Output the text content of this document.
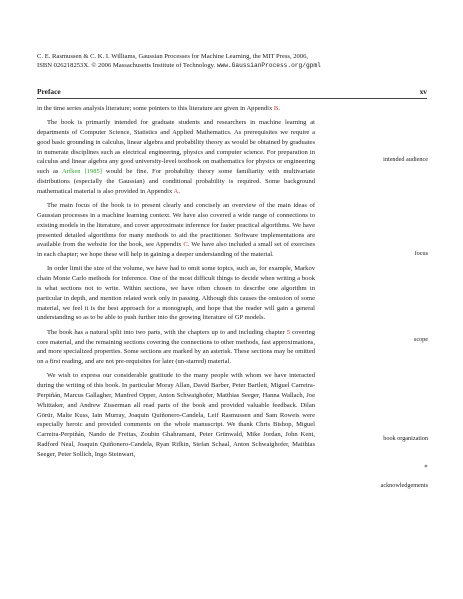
C. E. Rasmussen & C. K. I. Williams, Gaussian Processes for Machine Learning, the MIT Press, 2006,
ISBN 026218253X. © 2006 Massachusetts Institute of Technology. www.GaussianProcess.org/gpml
Preface	xv

in the time series analysis literature; some pointers to this literature are given in Appendix B.

The book is primarily intended for graduate students and researchers in machine learning at departments of Computer Science, Statistics and Applied Mathematics. As prerequisites we require a good basic grounding in calculus, linear algebra and probability theory as would be obtained by graduates in numerate disciplines such as electrical engineering, physics and computer science. For preparation in calculus and linear algebra any good university-level textbook on mathematics for physics or engineering such as Arfken [1985] would be fine. For probability theory some familiarity with multivariate distributions (especially the Gaussian) and conditional probability is required. Some background mathematical material is also provided in Appendix A.

The main focus of the book is to present clearly and concisely an overview of the main ideas of Gaussian processes in a machine learning context. We have also covered a wide range of connections to existing models in the literature, and cover approximate inference for faster practical algorithms. We have presented detailed algorithms for many methods to aid the practitioner. Software implementations are available from the website for the book, see Appendix C. We have also included a small set of exercises in each chapter; we hope these will help in gaining a deeper understanding of the material.

In order limit the size of the volume, we have had to omit some topics, such as, for example, Markov chain Monte Carlo methods for inference. One of the most difficult things to decide when writing a book is what sections not to write. Within sections, we have often chosen to describe one algorithm in particular in depth, and mention related work only in passing. Although this causes the omission of some material, we feel it is the best approach for a monograph, and hope that the reader will gain a general understanding so as to be able to push further into the growing literature of GP models.

The book has a natural split into two parts, with the chapters up to and including chapter 5 covering core material, and the remaining sections covering the connections to other methods, fast approximations, and more specialized properties. Some sections are marked by an asterisk. These sections may be omitted on a first reading, and are not pre-requisites for later (un-starred) material.

We wish to express our considerable gratitude to the many people with whom we have interacted during the writing of this book. In particular Moray Allan, David Barber, Peter Bartlett, Miguel Carreira-Perpiñán, Marcus Gallagher, Manfred Opper, Anton Schwaighofer, Matthias Seeger, Hanna Wallach, Joe Whittaker, and Andrew Zisserman all read parts of the book and provided valuable feedback. Dilan Görür, Malte Kuss, Iain Murray, Joaquin Quiñonero-Candela, Leif Rasmussen and Sam Roweis were especially heroic and provided comments on the whole manuscript. We thank Chris Bishop, Miguel Carreira-Perpiñán, Nando de Freitas, Zoubin Ghahramani, Peter Grünwald, Mike Jordan, John Kent, Radford Neal, Joaquin Quiñonero-Candela, Ryan Rifkin, Stefan Schaal, Anton Schwaighofer, Matthias Seeger, Peter Sollich, Ingo Steinwart,

intended audience
focus
scope
book organization
∗
acknowledgements
